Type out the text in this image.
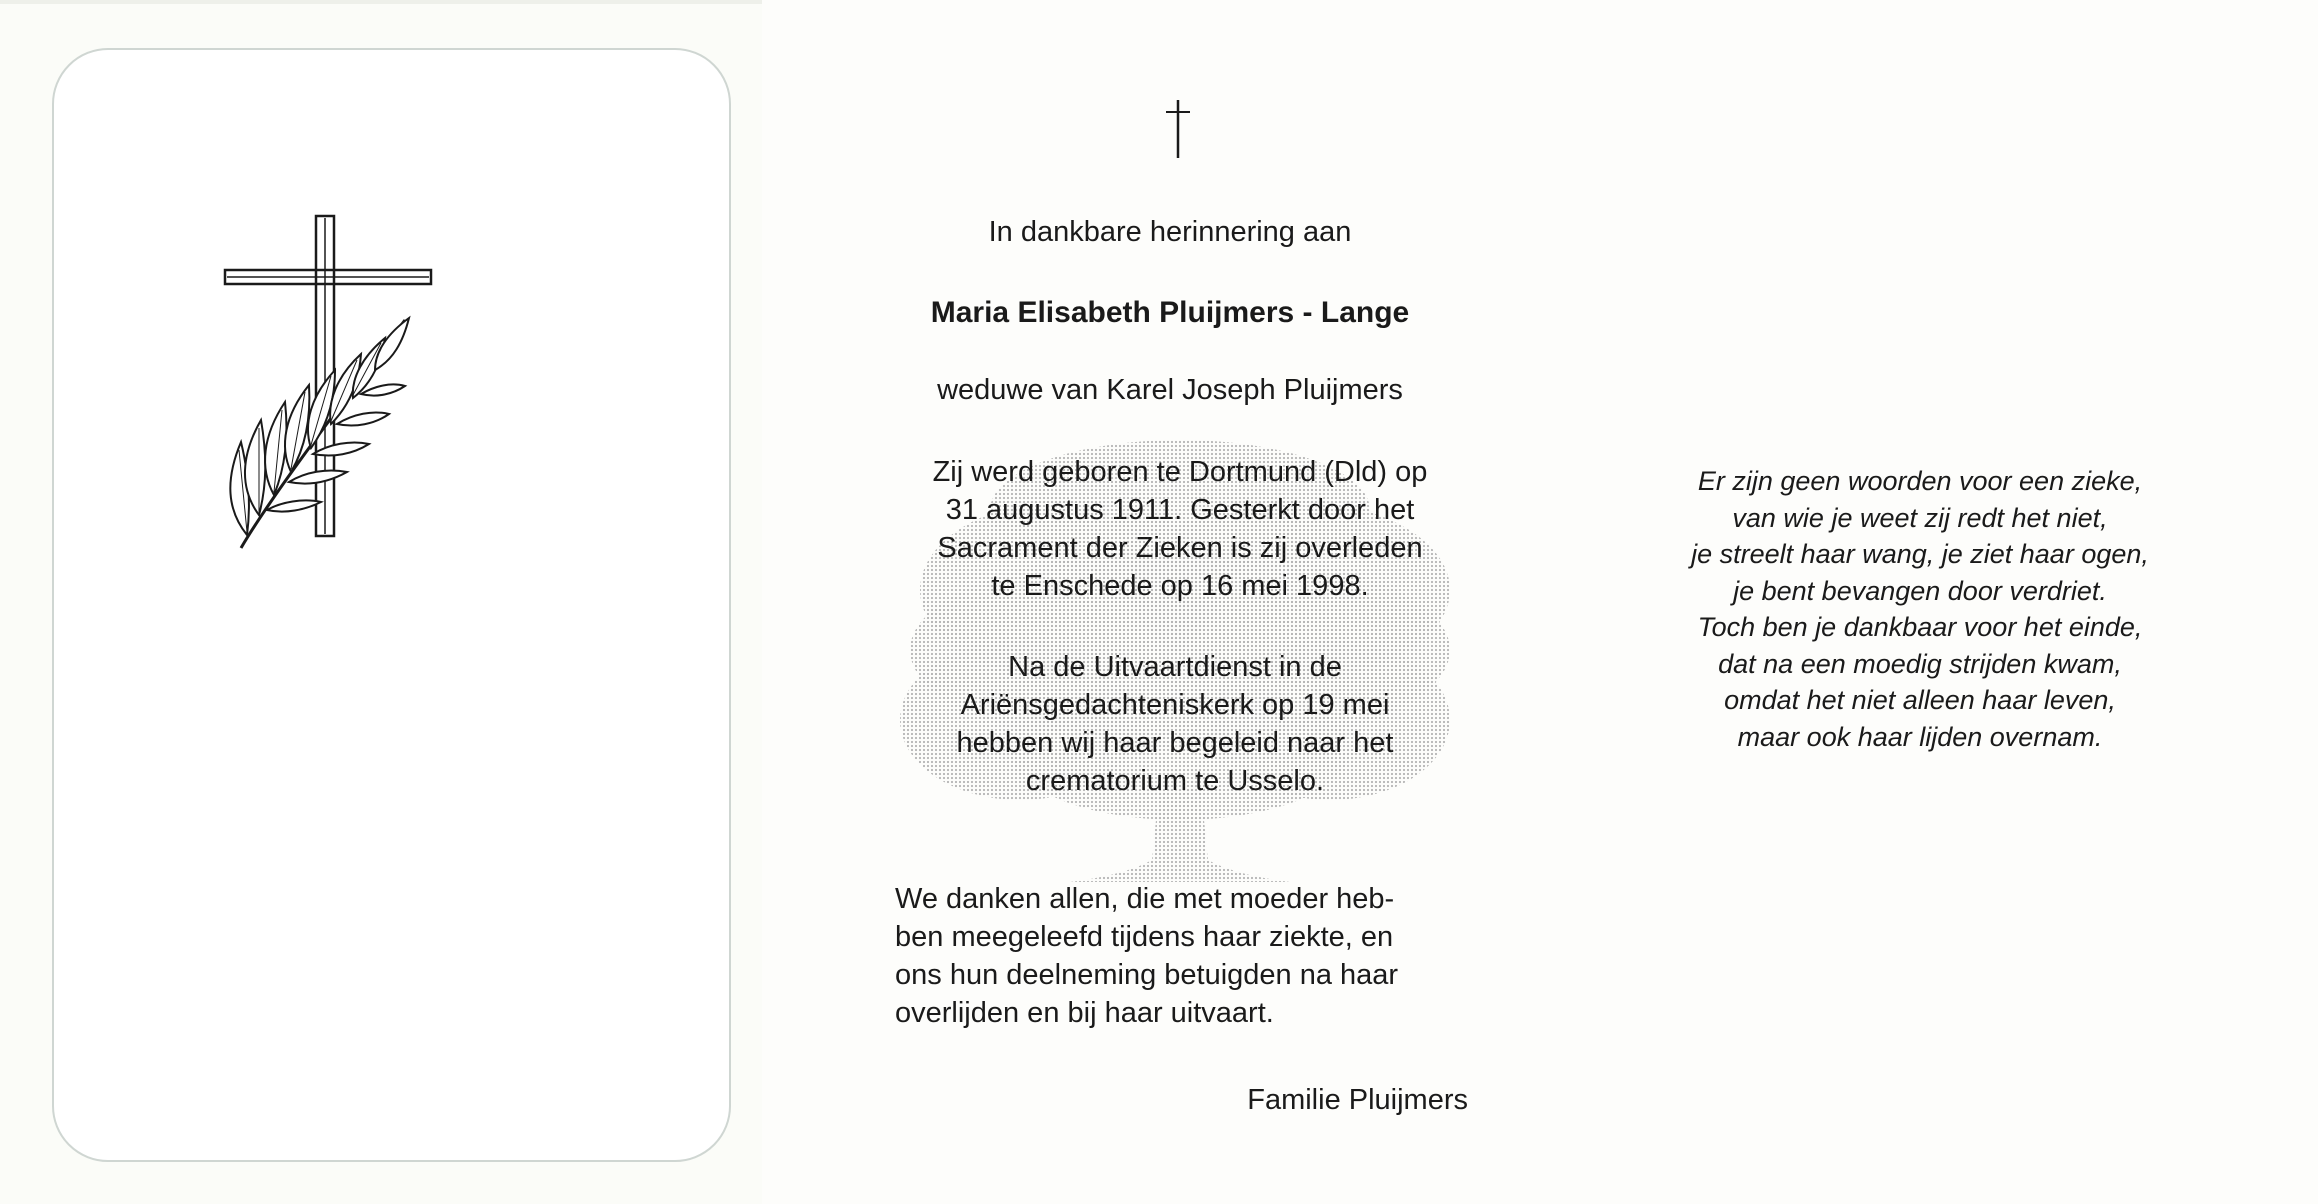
In dankbare herinnering aan
Maria Elisabeth Pluijmers - Lange
weduwe van Karel Joseph Pluijmers
Zij werd geboren te Dortmund (Dld) op
31 augustus 1911. Gesterkt door het
Sacrament der Zieken is zij overleden
te Enschede op 16 mei 1998.
Na de Uitvaartdienst in de
Ariënsgedachteniskerk op 19 mei
hebben wij haar begeleid naar het
crematorium te Usselo.
We danken allen, die met moeder heb-
ben meegeleefd tijdens haar ziekte, en
ons hun deelneming betuigden na haar
overlijden en bij haar uitvaart.
Familie Pluijmers
Er zijn geen woorden voor een zieke,
van wie je weet zij redt het niet,
je streelt haar wang, je ziet haar ogen,
je bent bevangen door verdriet.
Toch ben je dankbaar voor het einde,
dat na een moedig strijden kwam,
omdat het niet alleen haar leven,
maar ook haar lijden overnam.
